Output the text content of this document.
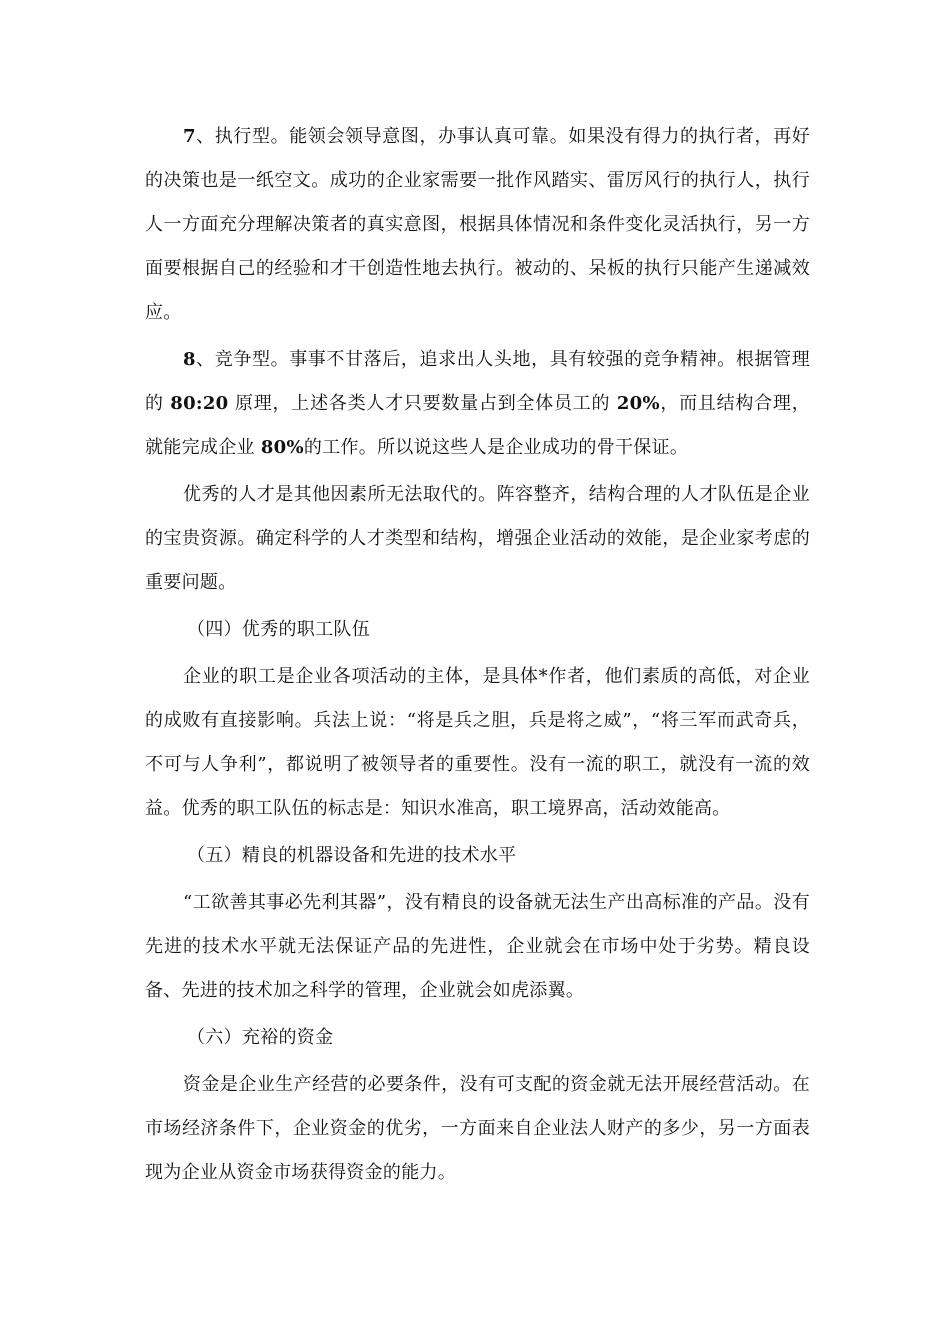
7、执行型。能领会领导意图，办事认真可靠。如果没有得力的执行者，再好的决策也是一纸空文。成功的企业家需要一批作风踏实、雷厉风行的执行人，执行人一方面充分理解决策者的真实意图，根据具体情况和条件变化灵活执行，另一方面要根据自己的经验和才干创造性地去执行。被动的、呆板的执行只能产生递减效应。

8、竞争型。事事不甘落后，追求出人头地，具有较强的竞争精神。根据管理的 80:20 原理，上述各类人才只要数量占到全体员工的 20%，而且结构合理，就能完成企业 80%的工作。所以说这些人是企业成功的骨干保证。

优秀的人才是其他因素所无法取代的。阵容整齐，结构合理的人才队伍是企业的宝贵资源。确定科学的人才类型和结构，增强企业活动的效能，是企业家考虑的重要问题。

（四）优秀的职工队伍

企业的职工是企业各项活动的主体，是具体*作者，他们素质的高低，对企业的成败有直接影响。兵法上说：“将是兵之胆，兵是将之威”，“将三军而武奇兵，不可与人争利”，都说明了被领导者的重要性。没有一流的职工，就没有一流的效益。优秀的职工队伍的标志是：知识水准高，职工境界高，活动效能高。

（五）精良的机器设备和先进的技术水平

“工欲善其事必先利其器”，没有精良的设备就无法生产出高标准的产品。没有先进的技术水平就无法保证产品的先进性，企业就会在市场中处于劣势。精良设备、先进的技术加之科学的管理，企业就会如虎添翼。

（六）充裕的资金

资金是企业生产经营的必要条件，没有可支配的资金就无法开展经营活动。在市场经济条件下，企业资金的优劣，一方面来自企业法人财产的多少，另一方面表现为企业从资金市场获得资金的能力。
